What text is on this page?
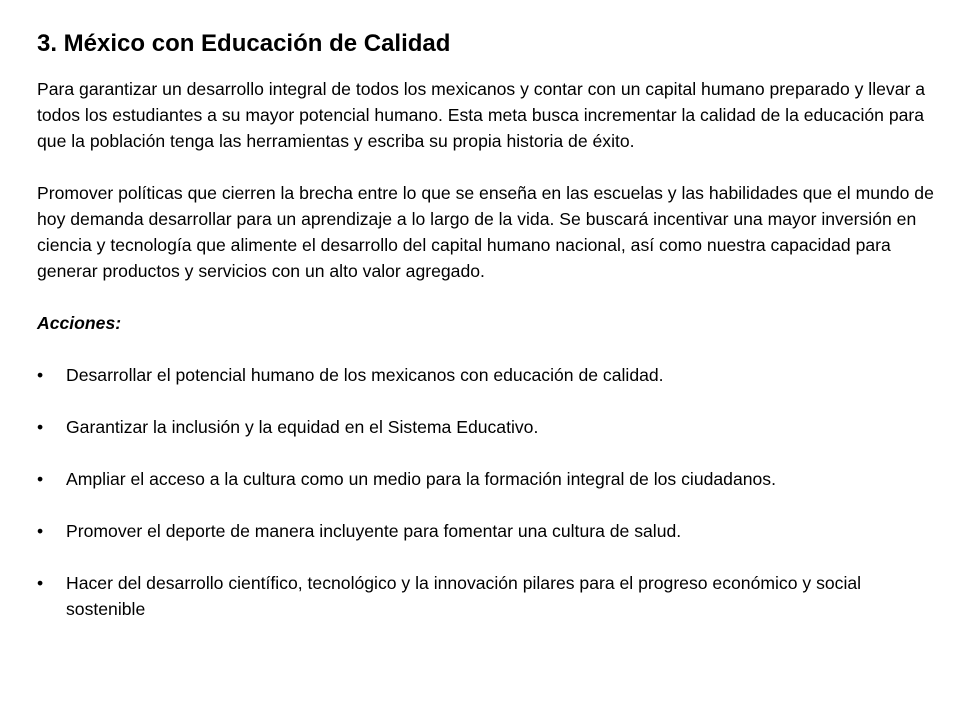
3. México con Educación de Calidad

Para garantizar un desarrollo integral de todos los mexicanos y contar con un capital humano preparado y llevar a todos los estudiantes a su mayor potencial humano. Esta meta busca incrementar la calidad de la educación para que la población tenga las herramientas y escriba su propia historia de éxito.

Promover políticas que cierren la brecha entre lo que se enseña en las escuelas y las habilidades que el mundo de hoy demanda desarrollar para un aprendizaje a lo largo de la vida. Se buscará incentivar una mayor inversión en ciencia y tecnología que alimente el desarrollo del capital humano nacional, así como nuestra capacidad para generar productos y servicios con un alto valor agregado.

Acciones:
• Desarrollar el potencial humano de los mexicanos con educación de calidad.
• Garantizar la inclusión y la equidad en el Sistema Educativo.
• Ampliar el acceso a la cultura como un medio para la formación integral de los ciudadanos.
• Promover el deporte de manera incluyente para fomentar una cultura de salud.
• Hacer del desarrollo científico, tecnológico y la innovación pilares para el progreso económico y social sostenible
